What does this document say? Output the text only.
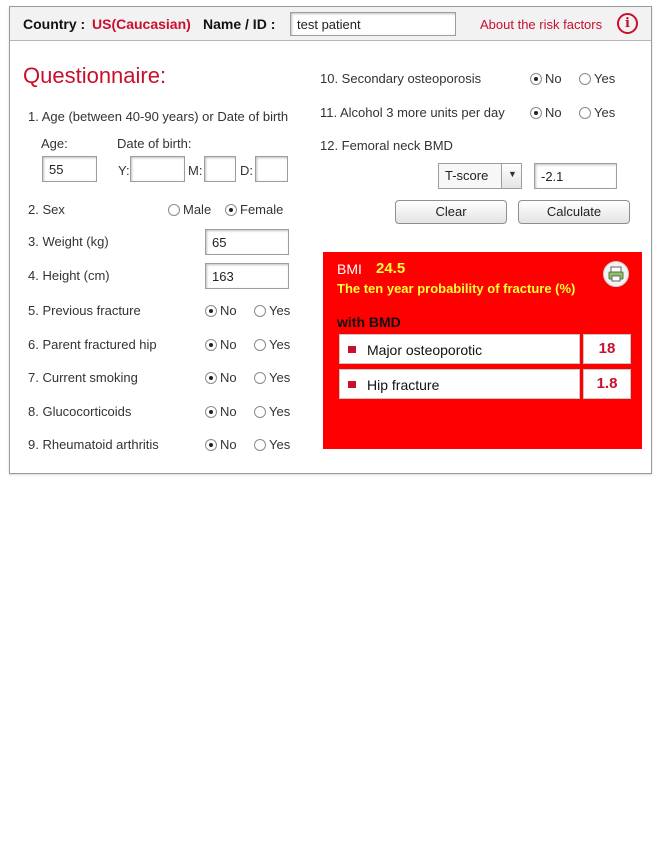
Country : US(Caucasian) Name / ID :
test patient	About the risk factors	i
Questionnaire:
1. Age (between 40-90 years) or Date of birth
Age:	Date of birth:
55
Y:	M:	D:
2. Sex	Male Female
3. Weight (kg)
65
4. Height (cm)
163
5. Previous fracture	No Yes
6. Parent fractured hip	No Yes
7. Current smoking	No Yes
8. Glucocorticoids	No Yes
9. Rheumatoid arthritis	No Yes
10. Secondary osteoporosis	No Yes
11. Alcohol 3 more units per day	No Yes
12. Femoral neck BMD
T-score ▼
-2.1
Clear	Calculate
BMI 24.5
The ten year probability of fracture (%)
with BMD
Major osteoporotic	18
Hip fracture	1.8
